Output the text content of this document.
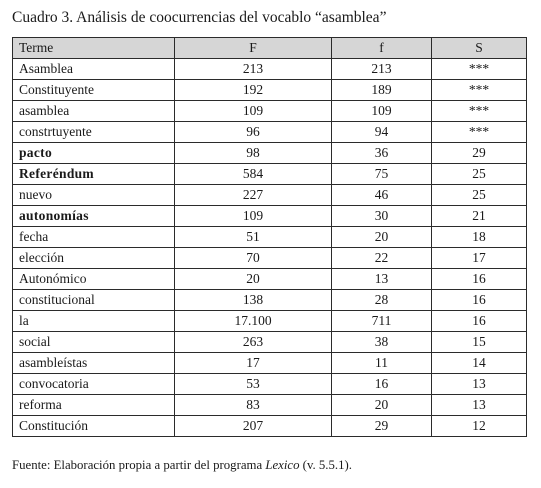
Cuadro 3. Análisis de coocurrencias del vocablo “asamblea”
Terme	F	f	S
Asamblea	213	213	***
Constituyente	192	189	***
asamblea	109	109	***
constrtuyente	96	94	***
pacto	98	36	29
Referéndum	584	75	25
nuevo	227	46	25
autonomías	109	30	21
fecha	51	20	18
elección	70	22	17
Autonómico	20	13	16
constitucional	138	28	16
la	17.100	711	16
social	263	38	15
asambleístas	17	11	14
convocatoria	53	16	13
reforma	83	20	13
Constitución	207	29	12
Fuente: Elaboración propia a partir del programa Lexico (v. 5.5.1).
